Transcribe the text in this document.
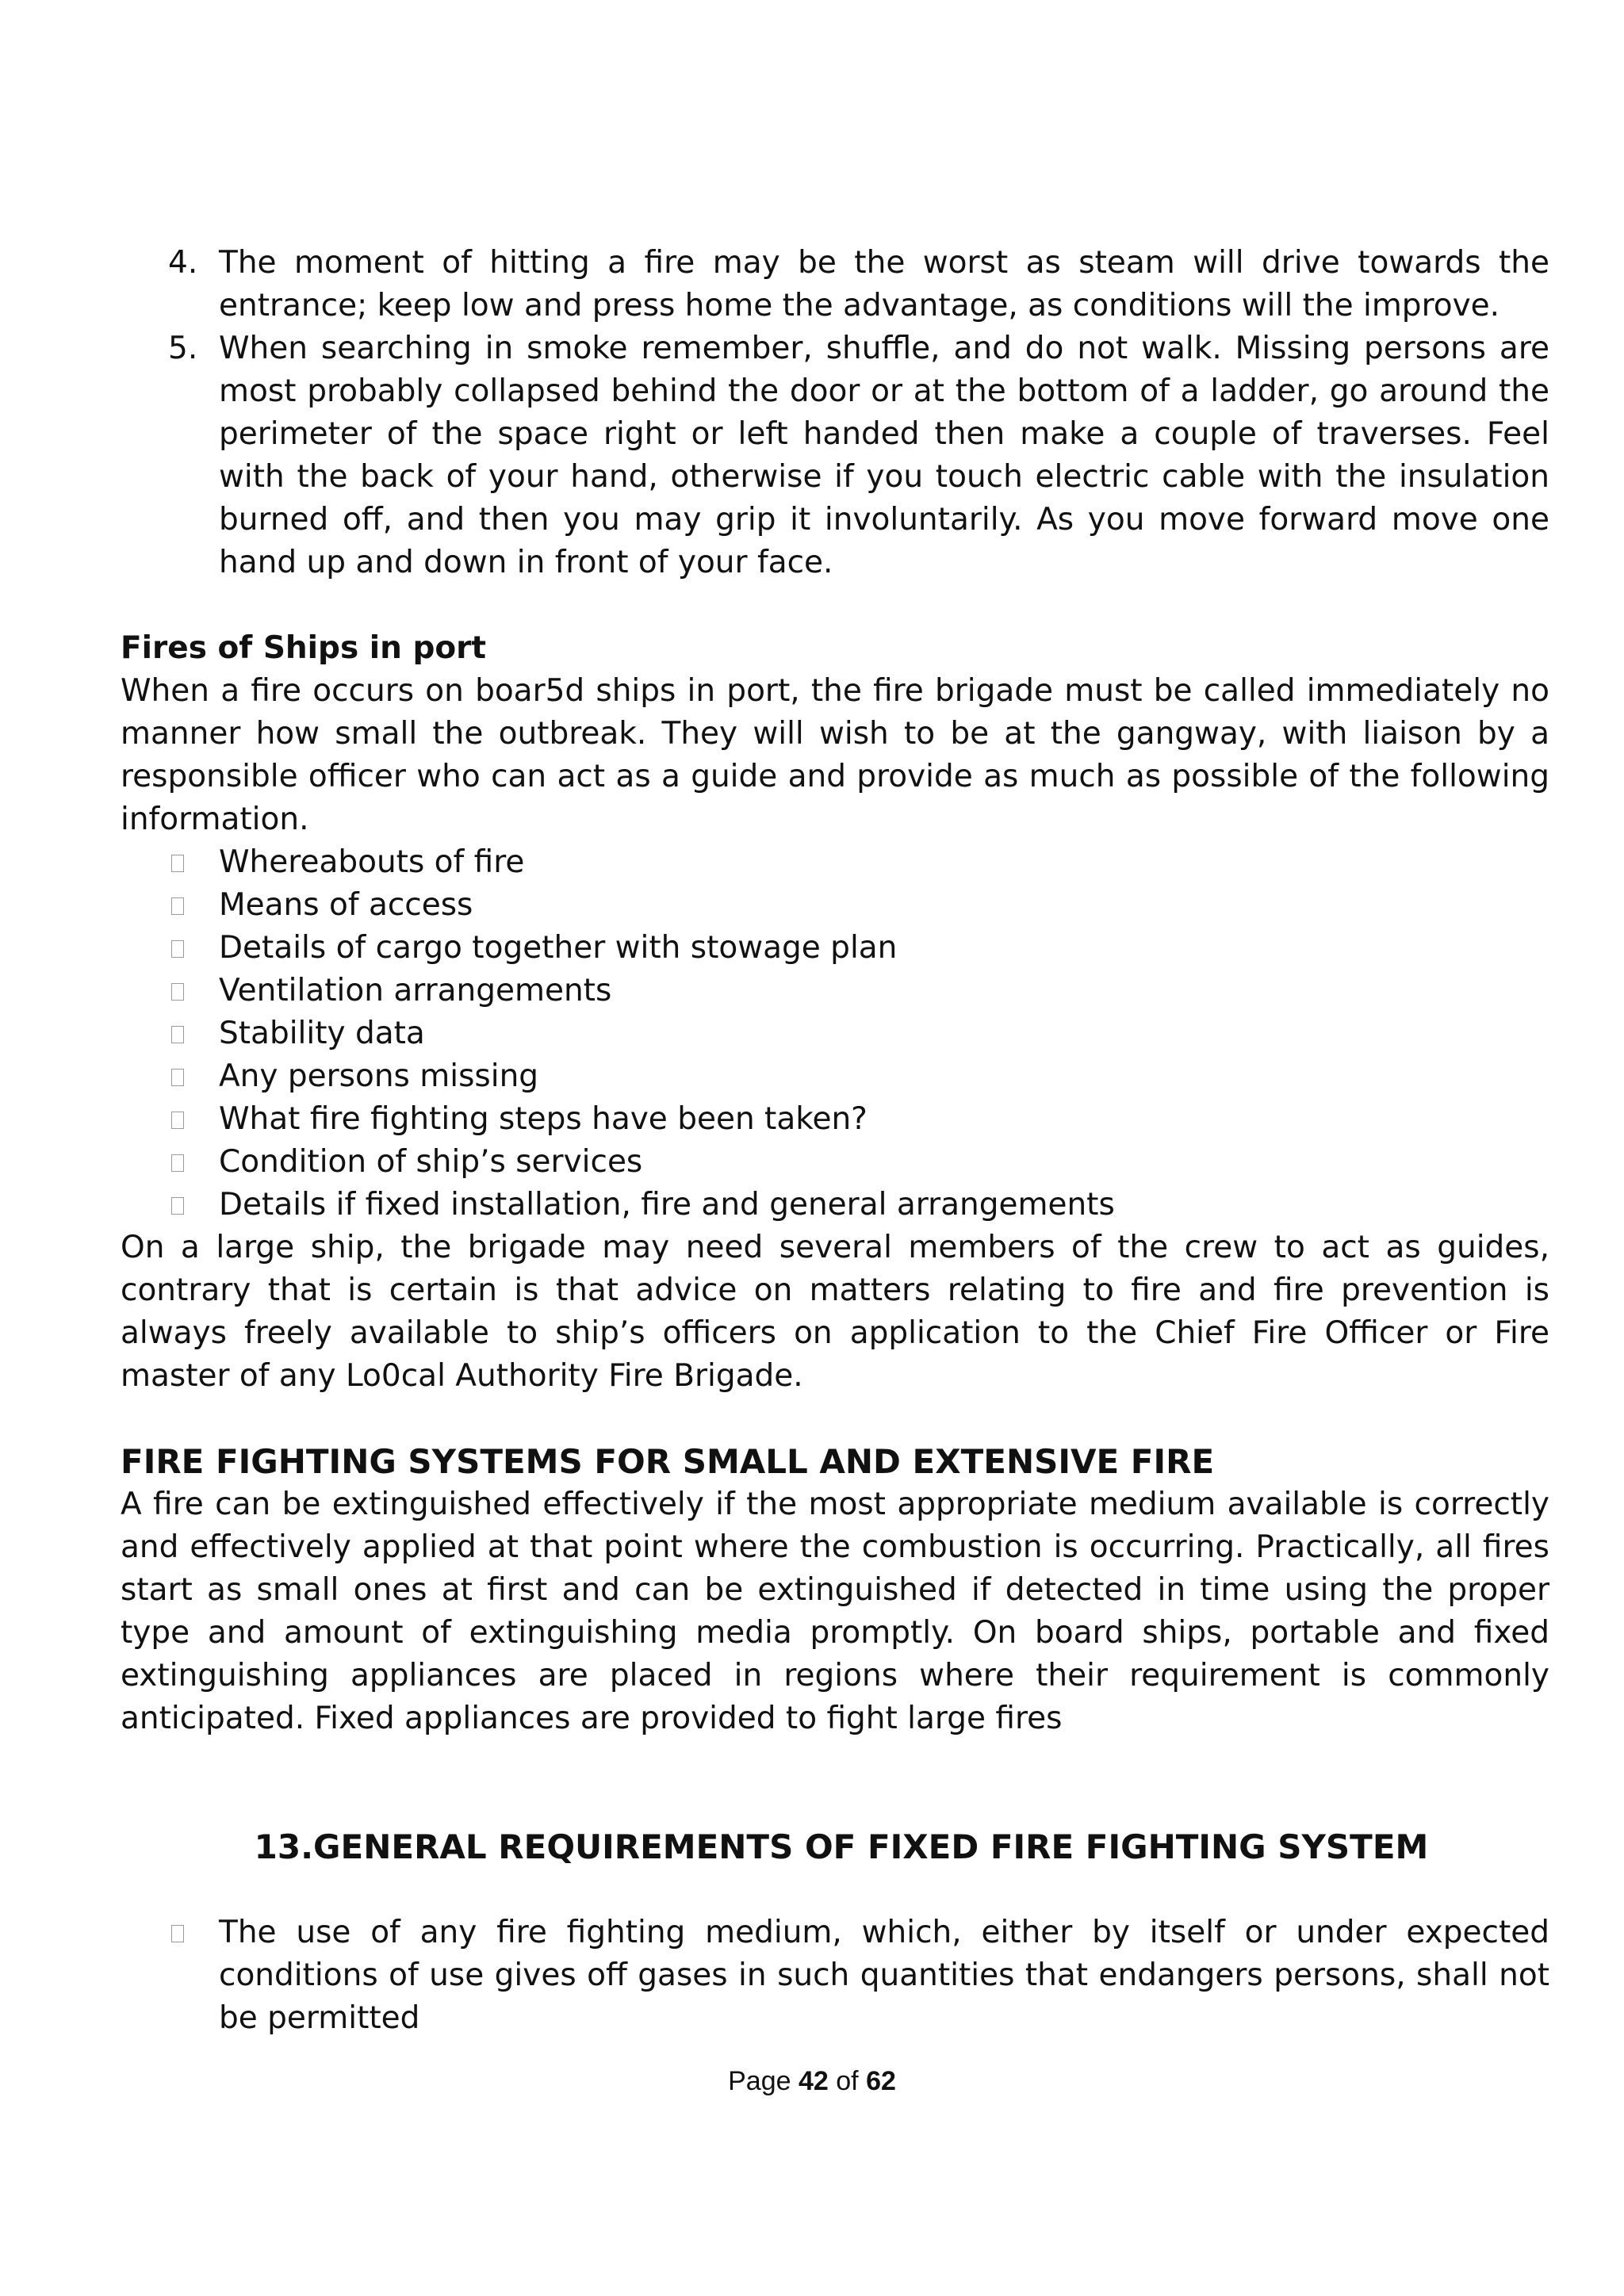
4. The moment of hitting a fire may be the worst as steam will drive towards the entrance; keep low and press home the advantage, as conditions will the improve.
5. When searching in smoke remember, shuffle, and do not walk. Missing persons are most probably collapsed behind the door or at the bottom of a ladder, go around the perimeter of the space right or left handed then make a couple of traverses. Feel with the back of your hand, otherwise if you touch electric cable with the insulation burned off, and then you may grip it involuntarily. As you move forward move one hand up and down in front of your face.
Fires of Ships in port

When a fire occurs on boar5d ships in port, the fire brigade must be called immediately no manner how small the outbreak. They will wish to be at the gangway, with liaison by a responsible officer who can act as a guide and provide as much as possible of the following information.

Whereabouts of fire
Means of access
Details of cargo together with stowage plan
Ventilation arrangements
Stability data
Any persons missing
What fire fighting steps have been taken?
Condition of ship’s services
Details if fixed installation, fire and general arrangements

On a large ship, the brigade may need several members of the crew to act as guides, contrary that is certain is that advice on matters relating to fire and fire prevention is always freely available to ship’s officers on application to the Chief Fire Officer or Fire master of any Lo0cal Authority Fire Brigade.

FIRE FIGHTING SYSTEMS FOR SMALL AND EXTENSIVE FIRE

A fire can be extinguished effectively if the most appropriate medium available is correctly and effectively applied at that point where the combustion is occurring. Practically, all fires start as small ones at first and can be extinguished if detected in time using the proper type and amount of extinguishing media promptly. On board ships, portable and fixed extinguishing appliances are placed in regions where their requirement is commonly anticipated. Fixed appliances are provided to fight large fires

13.GENERAL REQUIREMENTS OF FIXED FIRE FIGHTING SYSTEM
The use of any fire fighting medium, which, either by itself or under expected conditions of use gives off gases in such quantities that endangers persons, shall not be permitted
Page 42 of 62
